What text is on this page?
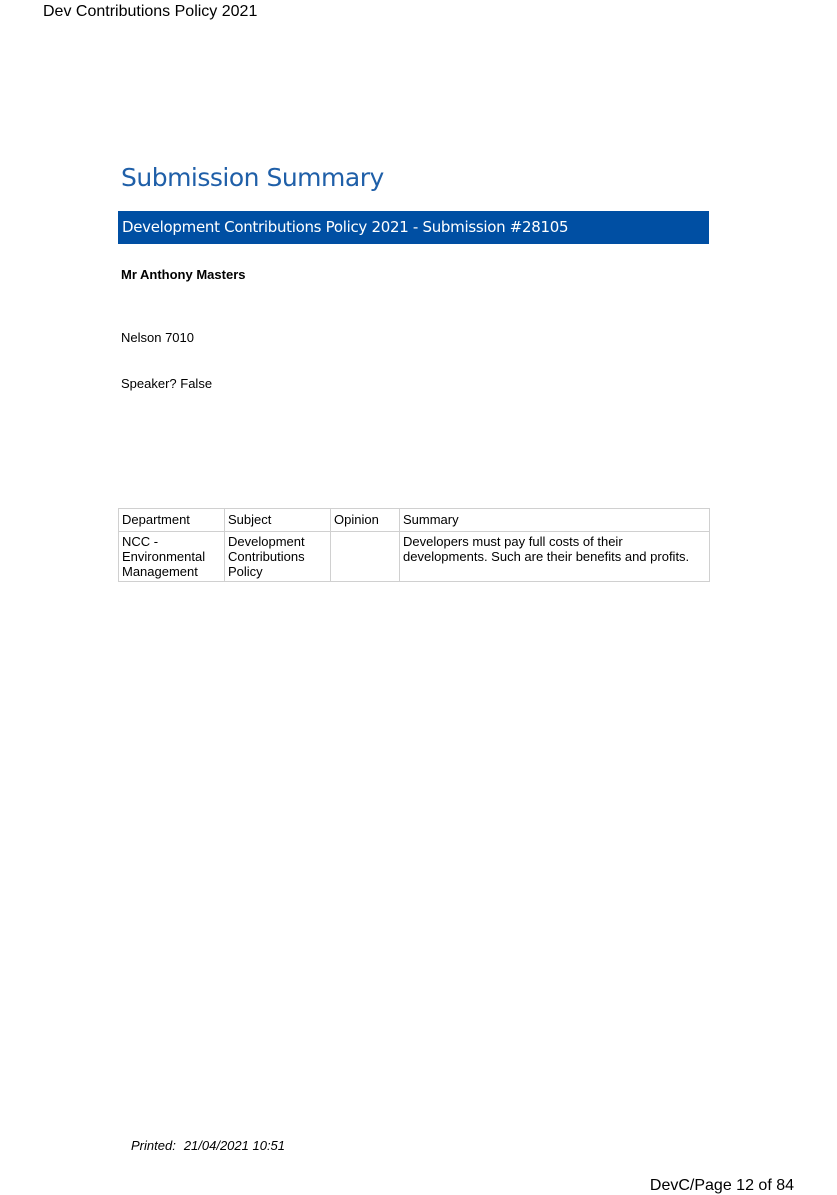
Dev Contributions Policy 2021
Submission Summary
Development Contributions Policy 2021 - Submission #28105
Mr Anthony Masters
Nelson 7010
Speaker? False
Department	Subject	Opinion	Summary
NCC - Environmental Management	Development Contributions Policy		Developers must pay full costs of their developments. Such are their benefits and profits.
Printed: 21/04/2021 10:51
DevC/Page 12 of 84
